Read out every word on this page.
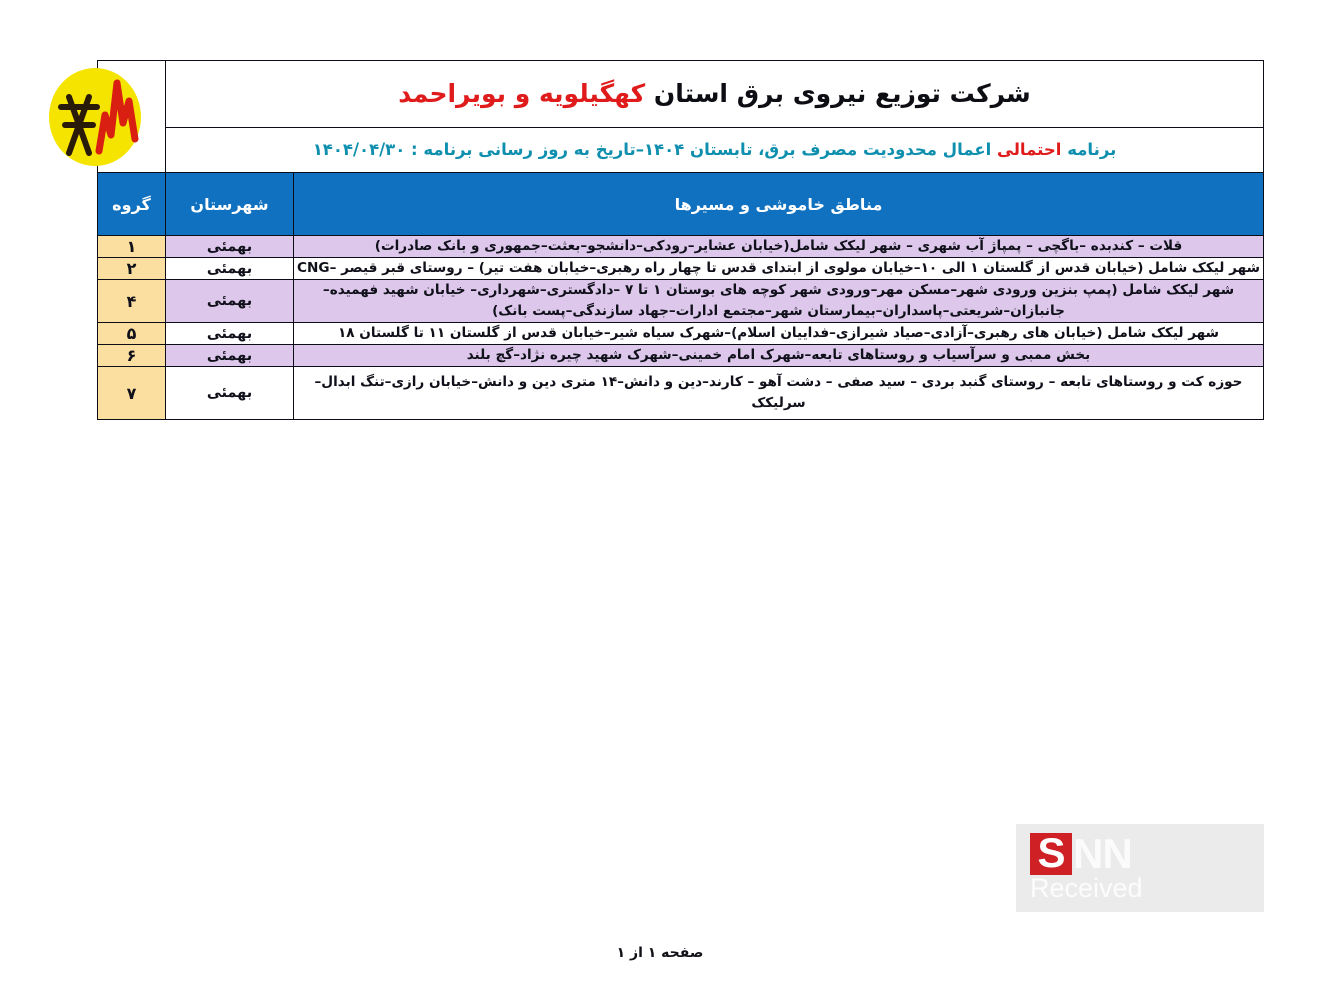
شرکت توزیع نیروی برق استان کهگیلویه و بویراحمد

برنامه احتمالی اعمال محدودیت مصرف برق، تابستان ۱۴۰۴–تاریخ به روز رسانی برنامه : ۱۴۰۴/۰۴/۳۰		

مناطق خاموشی و مسیرها	شهرستان	گروه
قلات – کندبده –باگچی – پمپاژ آب شهری – شهر لیکک شامل(خیابان عشایر–رودکی–دانشجو–بعثت–جمهوری و بانک صادرات)	بهمئی	۱
شهر لیکک شامل (خیابان قدس از گلستان ۱ الی ۱۰–خیابان مولوی از ابتدای قدس تا چهار راه رهبری–خیابان هفت تیر) – روستای قبر قیصر –CNG	بهمئی	۲
شهر لیکک شامل (پمپ بنزین ورودی شهر–مسکن مهر–ورودی شهر کوچه های بوستان ۱ تا ۷ –دادگستری–شهرداری– خیابان شهید فهمیده–جانبازان–شریعتی–پاسداران–بیمارستان شهر–مجتمع ادارات–جهاد سازندگی–پست بانک)	بهمئی	۴
شهر لیکک شامل (خیابان های رهبری–آزادی–صیاد شیرازی–فداییان اسلام)–شهرک سیاه شیر–خیابان قدس از گلستان ۱۱ تا گلستان ۱۸	بهمئی	۵
بخش ممبی و سرآسیاب و روستاهای تابعه–شهرک امام خمینی–شهرک شهید چیره نژاد–گچ بلند	بهمئی	۶
حوزه کت و روستاهای تابعه – روستای گنبد بردی – سید صفی – دشت آهو – کارند–دین و دانش–۱۴ متری دین و دانش–خیابان رازی–تنگ ابدال–سرلیکک	بهمئی	۷
S NN
Received
صفحه ۱ از ۱
